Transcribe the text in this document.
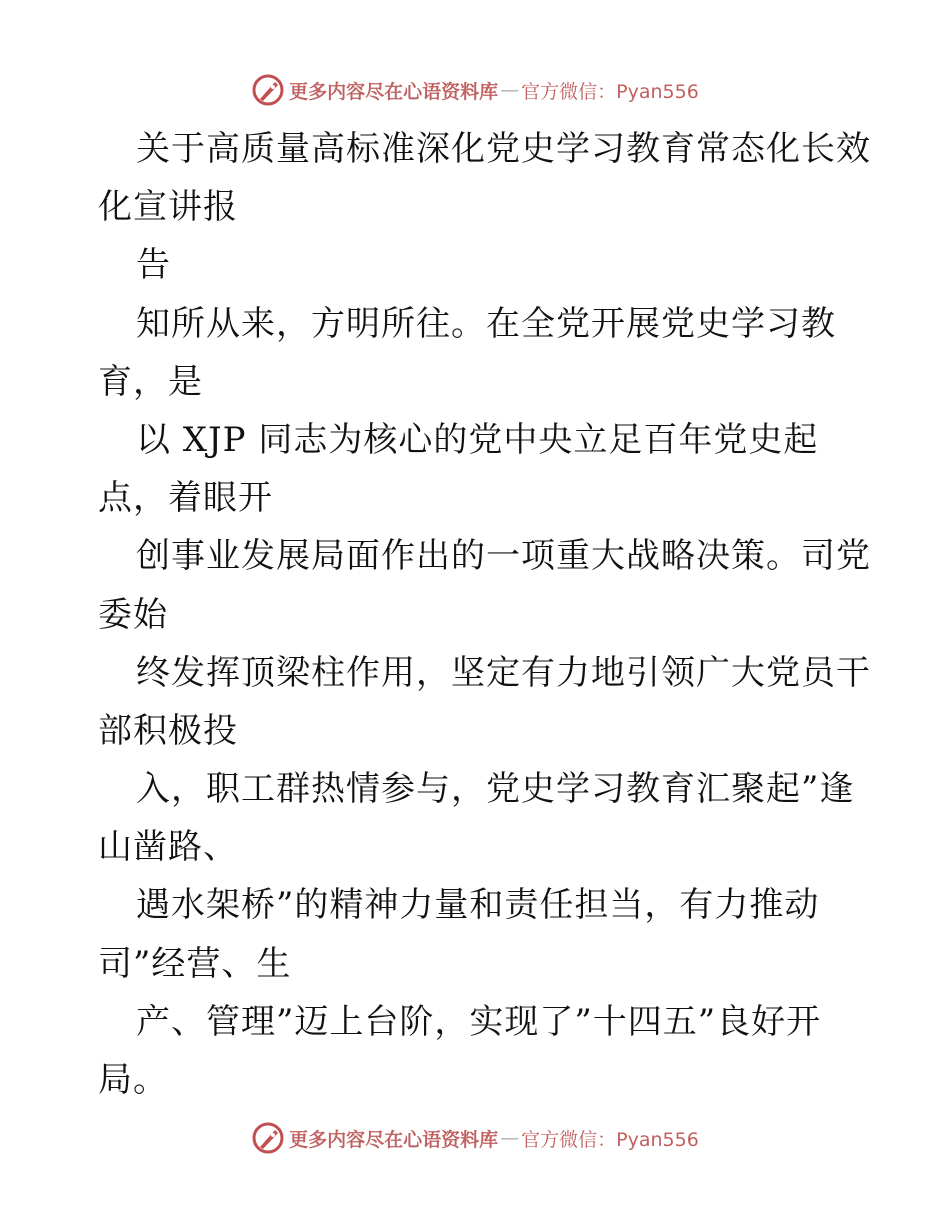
更多内容尽在心语资料库 — 官方微信：Pyan556
关于高质量高标准深化党史学习教育常态化长效
化宣讲报
告
知所从来，方明所往。在全党开展党史学习教
育，是
以 XJP 同志为核心的党中央立足百年党史起
点，着眼开
创事业发展局面作出的一项重大战略决策。司党
委始
终发挥顶梁柱作用，坚定有力地引领广大党员干
部积极投
入，职工群热情参与，党史学习教育汇聚起”逢
山凿路、
遇水架桥”的精神力量和责任担当，有力推动
司”经营、生
产、管理”迈上台阶，实现了”十四五”良好开
局。
更多内容尽在心语资料库 — 官方微信：Pyan556
